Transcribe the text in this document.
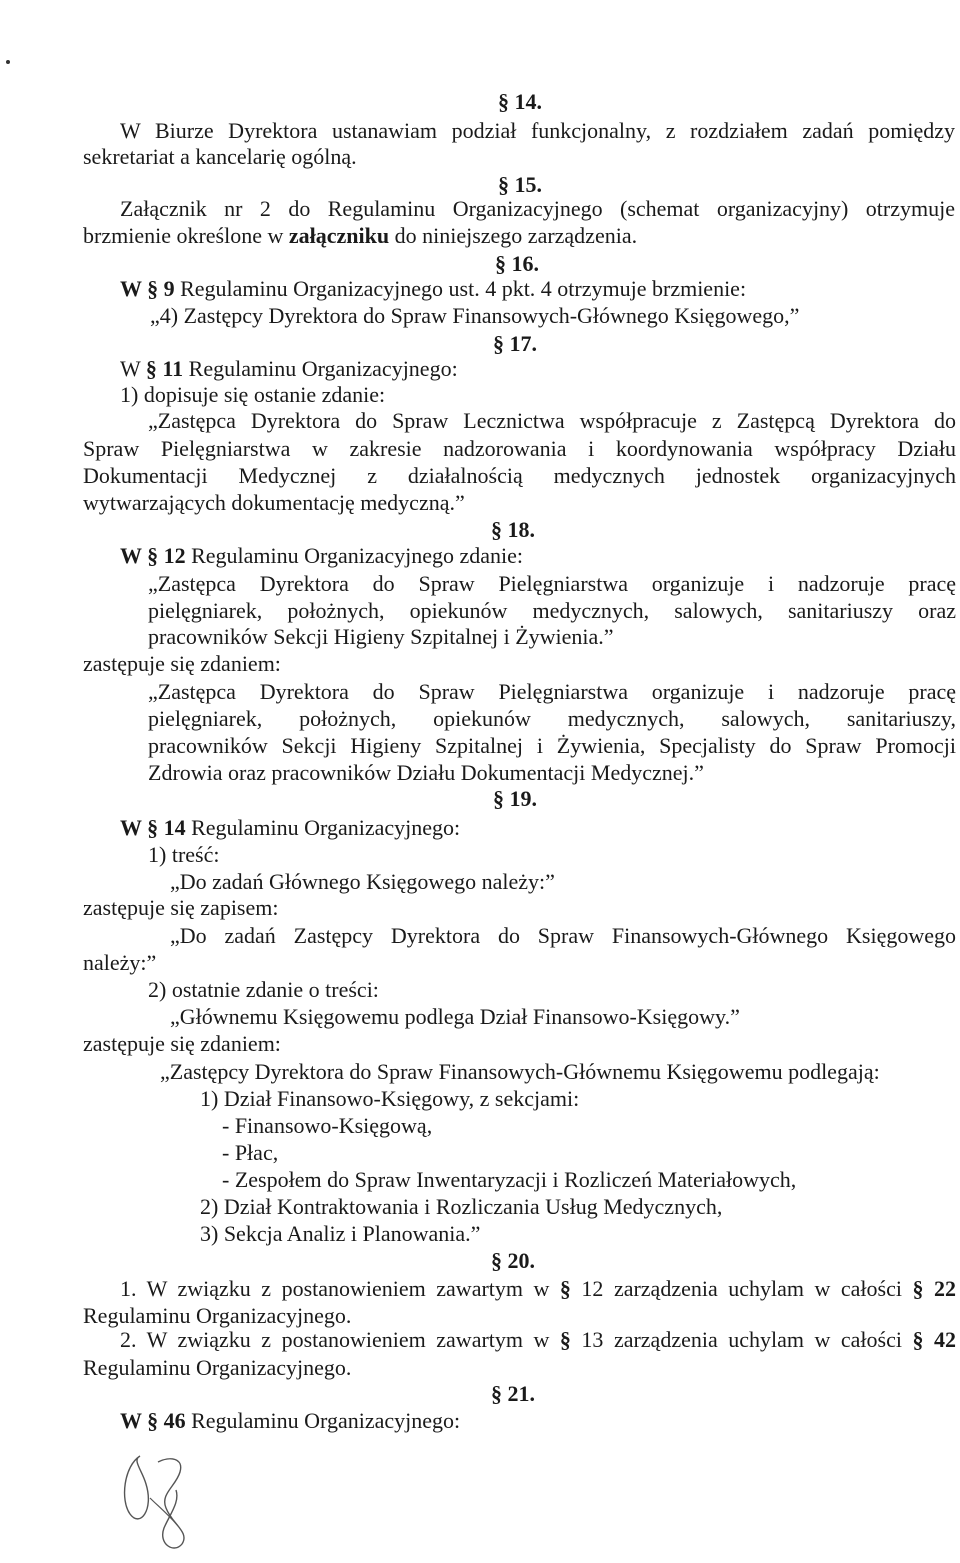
§ 14.

W Biurze Dyrektora ustanawiam podział funkcjonalny, z rozdziałem zadań pomiędzy

sekretariat a kancelarię ogólną.

§ 15.

Załącznik nr 2 do Regulaminu Organizacyjnego (schemat organizacyjny) otrzymuje

brzmienie określone w załączniku do niniejszego zarządzenia.

§ 16.

W § 9 Regulaminu Organizacyjnego ust. 4 pkt. 4 otrzymuje brzmienie:

„4) Zastępcy Dyrektora do Spraw Finansowych-Głównego Księgowego,”

§ 17.

W § 11 Regulaminu Organizacyjnego:

1) dopisuje się ostanie zdanie:

„Zastępca Dyrektora do Spraw Lecznictwa współpracuje z Zastępcą Dyrektora do

Spraw Pielęgniarstwa w zakresie nadzorowania i koordynowania współpracy Działu

Dokumentacji Medycznej z działalnością medycznych jednostek organizacyjnych

wytwarzających dokumentację medyczną.”

§ 18.

W § 12 Regulaminu Organizacyjnego zdanie:

„Zastępca Dyrektora do Spraw Pielęgniarstwa organizuje i nadzoruje pracę

pielęgniarek, położnych, opiekunów medycznych, salowych, sanitariuszy oraz

pracowników Sekcji Higieny Szpitalnej i Żywienia.”

zastępuje się zdaniem:

„Zastępca Dyrektora do Spraw Pielęgniarstwa organizuje i nadzoruje pracę

pielęgniarek, położnych, opiekunów medycznych, salowych, sanitariuszy,

pracowników Sekcji Higieny Szpitalnej i Żywienia, Specjalisty do Spraw Promocji

Zdrowia oraz pracowników Działu Dokumentacji Medycznej.”

§ 19.

W § 14 Regulaminu Organizacyjnego:

1) treść:

„Do zadań Głównego Księgowego należy:”

zastępuje się zapisem:

„Do zadań Zastępcy Dyrektora do Spraw Finansowych-Głównego Księgowego

należy:”

2) ostatnie zdanie o treści:

„Głównemu Księgowemu podlega Dział Finansowo-Księgowy.”

zastępuje się zdaniem:

„Zastępcy Dyrektora do Spraw Finansowych-Głównemu Księgowemu podlegają:

1) Dział Finansowo-Księgowy, z sekcjami:

- Finansowo-Księgową,

- Płac,

- Zespołem do Spraw Inwentaryzacji i Rozliczeń Materiałowych,

2) Dział Kontraktowania i Rozliczania Usług Medycznych,

3) Sekcja Analiz i Planowania.”

§ 20.

1. W związku z postanowieniem zawartym w § 12 zarządzenia uchylam w całości § 22

Regulaminu Organizacyjnego.

2. W związku z postanowieniem zawartym w § 13 zarządzenia uchylam w całości § 42

Regulaminu Organizacyjnego.

§ 21.

W § 46 Regulaminu Organizacyjnego:
